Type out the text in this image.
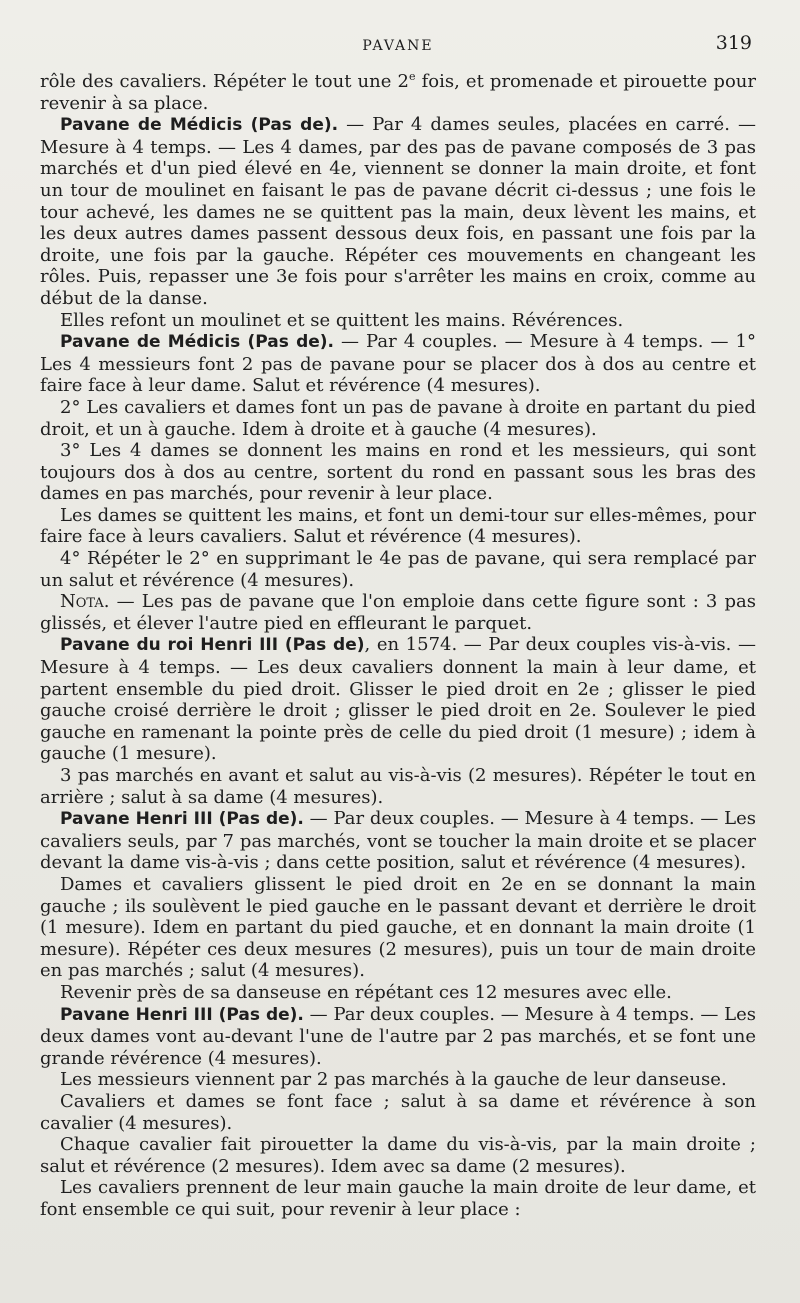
PAVANE	319

rôle des cavaliers. Répéter le tout une 2e fois, et promenade et pirouette pour revenir à sa place.

Pavane de Médicis (Pas de). — Par 4 dames seules, placées en carré. — Mesure à 4 temps. — Les 4 dames, par des pas de pavane composés de 3 pas marchés et d'un pied élevé en 4e, viennent se donner la main droite, et font un tour de moulinet en faisant le pas de pavane décrit ci-dessus ; une fois le tour achevé, les dames ne se quittent pas la main, deux lèvent les mains, et les deux autres dames passent dessous deux fois, en passant une fois par la droite, une fois par la gauche. Répéter ces mouvements en changeant les rôles. Puis, repasser une 3e fois pour s'arrêter les mains en croix, comme au début de la danse.

Elles refont un moulinet et se quittent les mains. Révérences.

Pavane de Médicis (Pas de). — Par 4 couples. — Mesure à 4 temps. — 1° Les 4 messieurs font 2 pas de pavane pour se placer dos à dos au centre et faire face à leur dame. Salut et révérence (4 mesures).

2° Les cavaliers et dames font un pas de pavane à droite en partant du pied droit, et un à gauche. Idem à droite et à gauche (4 mesures).

3° Les 4 dames se donnent les mains en rond et les messieurs, qui sont toujours dos à dos au centre, sortent du rond en passant sous les bras des dames en pas marchés, pour revenir à leur place.

Les dames se quittent les mains, et font un demi-tour sur elles-mêmes, pour faire face à leurs cavaliers. Salut et révérence (4 mesures).

4° Répéter le 2° en supprimant le 4e pas de pavane, qui sera remplacé par un salut et révérence (4 mesures).

Nota. — Les pas de pavane que l'on emploie dans cette figure sont : 3 pas glissés, et élever l'autre pied en effleurant le parquet.

Pavane du roi Henri III (Pas de), en 1574. — Par deux couples vis-à-vis. — Mesure à 4 temps. — Les deux cavaliers donnent la main à leur dame, et partent ensemble du pied droit. Glisser le pied droit en 2e ; glisser le pied gauche croisé derrière le droit ; glisser le pied droit en 2e. Soulever le pied gauche en ramenant la pointe près de celle du pied droit (1 mesure) ; idem à gauche (1 mesure).

3 pas marchés en avant et salut au vis-à-vis (2 mesures). Répéter le tout en arrière ; salut à sa dame (4 mesures).

Pavane Henri III (Pas de). — Par deux couples. — Mesure à 4 temps. — Les cavaliers seuls, par 7 pas marchés, vont se toucher la main droite et se placer devant la dame vis-à-vis ; dans cette position, salut et révérence (4 mesures).

Dames et cavaliers glissent le pied droit en 2e en se donnant la main gauche ; ils soulèvent le pied gauche en le passant devant et derrière le droit (1 mesure). Idem en partant du pied gauche, et en donnant la main droite (1 mesure). Répéter ces deux mesures (2 mesures), puis un tour de main droite en pas marchés ; salut (4 mesures).

Revenir près de sa danseuse en répétant ces 12 mesures avec elle.

Pavane Henri III (Pas de). — Par deux couples. — Mesure à 4 temps. — Les deux dames vont au-devant l'une de l'autre par 2 pas marchés, et se font une grande révérence (4 mesures).

Les messieurs viennent par 2 pas marchés à la gauche de leur danseuse.

Cavaliers et dames se font face ; salut à sa dame et révérence à son cavalier (4 mesures).

Chaque cavalier fait pirouetter la dame du vis-à-vis, par la main droite ; salut et révérence (2 mesures). Idem avec sa dame (2 mesures).

Les cavaliers prennent de leur main gauche la main droite de leur dame, et font ensemble ce qui suit, pour revenir à leur place :
